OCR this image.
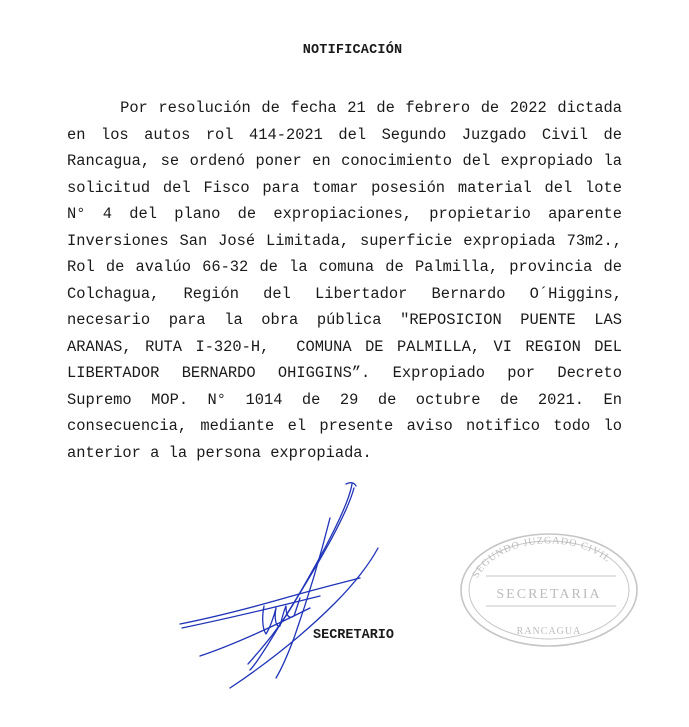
NOTIFICACIÓN
Por resolución de fecha 21 de febrero de 2022 dictada
en los autos rol 414-2021 del Segundo Juzgado Civil de
Rancagua, se ordenó poner en conocimiento del expropiado la
solicitud del Fisco para tomar posesión material del lote
N° 4 del plano de expropiaciones, propietario aparente
Inversiones San José Limitada, superficie expropiada 73m2.,
Rol de avalúo 66-32 de la comuna de Palmilla, provincia de
Colchagua, Región del Libertador Bernardo O´Higgins,
necesario para la obra pública "REPOSICION PUENTE LAS
ARANAS, RUTA I-320-H,  COMUNA DE PALMILLA, VI REGION DEL
LIBERTADOR BERNARDO OHIGGINS”. Expropiado por Decreto
Supremo MOP. N° 1014 de 29 de octubre de 2021. En
consecuencia, mediante el presente aviso notifico todo lo
anterior a la persona expropiada.
SECRETARIO
SEGUNDO JUZGADO CIVIL
SECRETARIA
RANCAGUA
